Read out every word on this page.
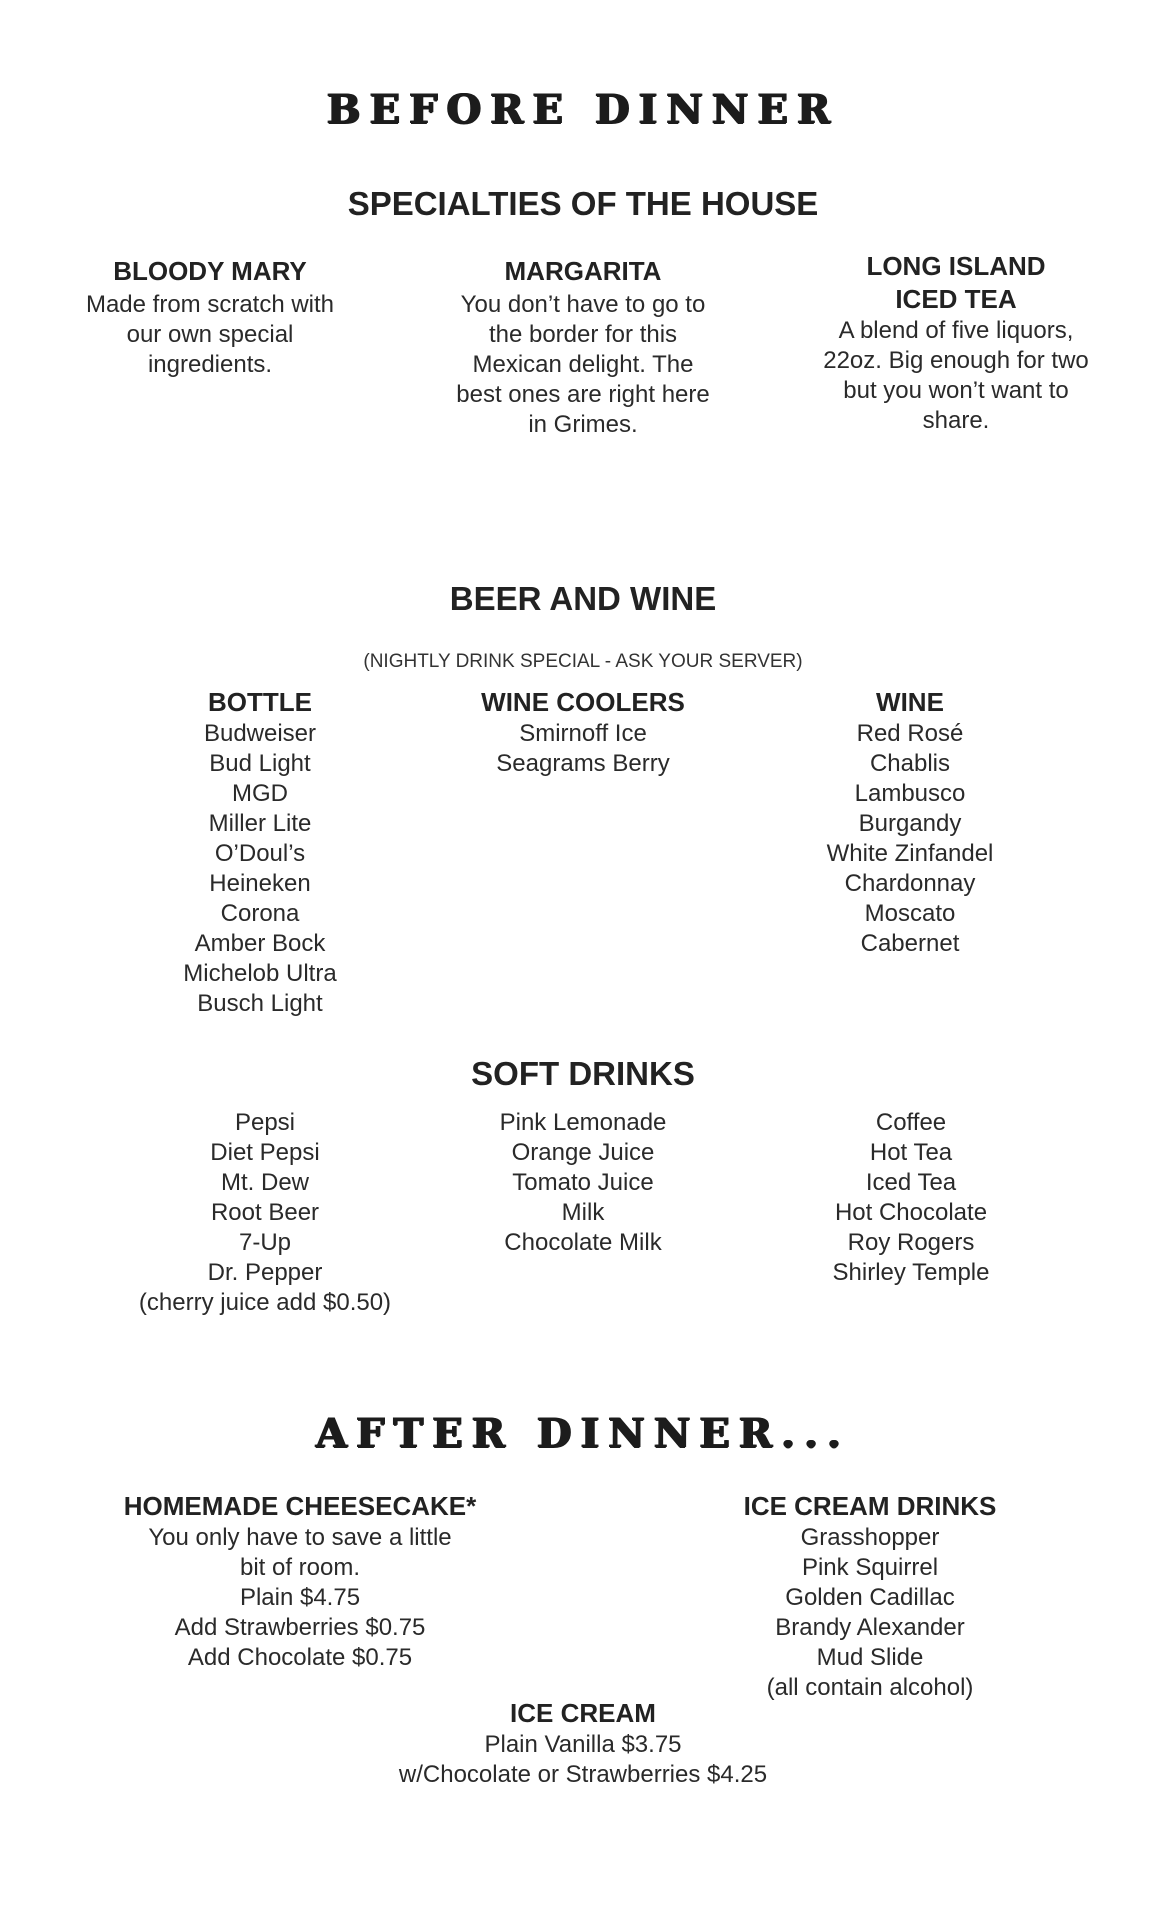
BEFORE DINNER
SPECIALTIES OF THE HOUSE
BLOODY MARY
Made from scratch with our own special ingredients.
MARGARITA
You don’t have to go to the border for this Mexican delight. The best ones are right here in Grimes.
LONG ISLAND ICED TEA
A blend of five liquors, 22oz. Big enough for two but you won’t want to share.
BEER AND WINE
(NIGHTLY DRINK SPECIAL - ASK YOUR SERVER)
BOTTLE
Budweiser
Bud Light
MGD
Miller Lite
O’Doul’s
Heineken
Corona
Amber Bock
Michelob Ultra
Busch Light
WINE COOLERS
Smirnoff Ice
Seagrams Berry
WINE
Red Rosé
Chablis
Lambusco
Burgandy
White Zinfandel
Chardonnay
Moscato
Cabernet
SOFT DRINKS
Pepsi
Diet Pepsi
Mt. Dew
Root Beer
7-Up
Dr. Pepper
(cherry juice add $0.50)
Pink Lemonade
Orange Juice
Tomato Juice
Milk
Chocolate Milk
Coffee
Hot Tea
Iced Tea
Hot Chocolate
Roy Rogers
Shirley Temple
AFTER DINNER...
HOMEMADE CHEESECAKE*
You only have to save a little
bit of room.
Plain $4.75
Add Strawberries $0.75
Add Chocolate $0.75
ICE CREAM DRINKS
Grasshopper
Pink Squirrel
Golden Cadillac
Brandy Alexander
Mud Slide
(all contain alcohol)
ICE CREAM
Plain Vanilla $3.75
w/Chocolate or Strawberries $4.25
